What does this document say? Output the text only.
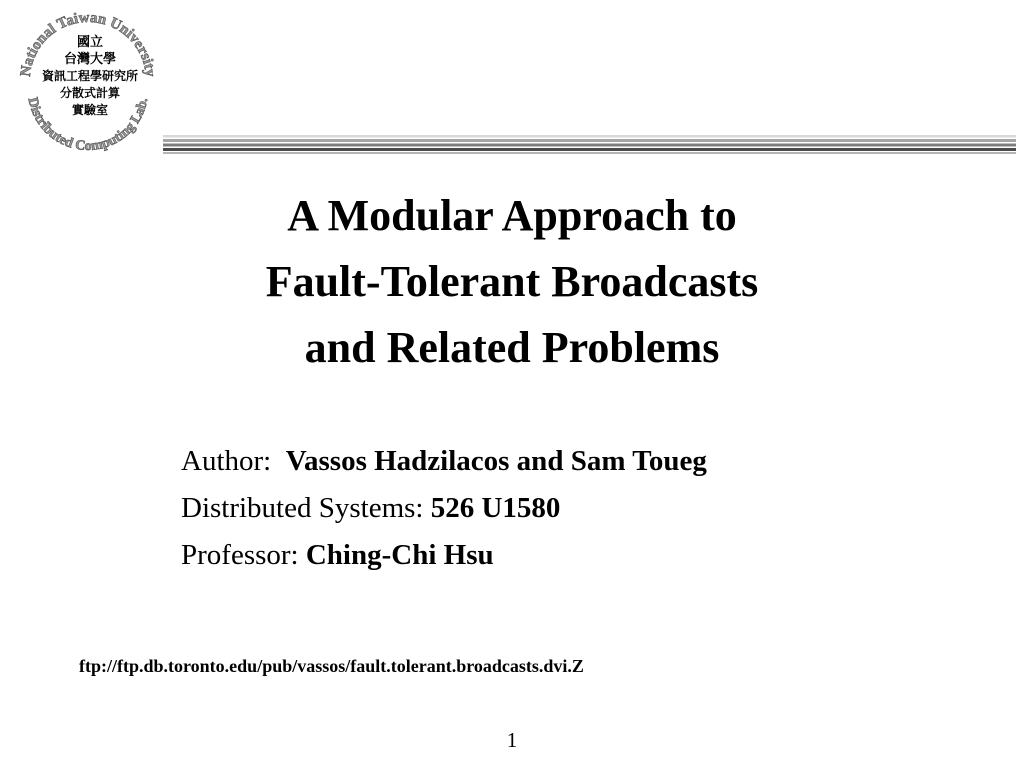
National Taiwan University
Distributed Computing Lab.
國立
台灣大學
資訊工程學研究所
分散式計算
實驗室
A Modular Approach to
Fault-Tolerant Broadcasts
and Related Problems
Author: Vassos Hadzilacos and Sam Toueg
Distributed Systems: 526 U1580
Professor: Ching-Chi Hsu
ftp://ftp.db.toronto.edu/pub/vassos/fault.tolerant.broadcasts.dvi.Z
1
